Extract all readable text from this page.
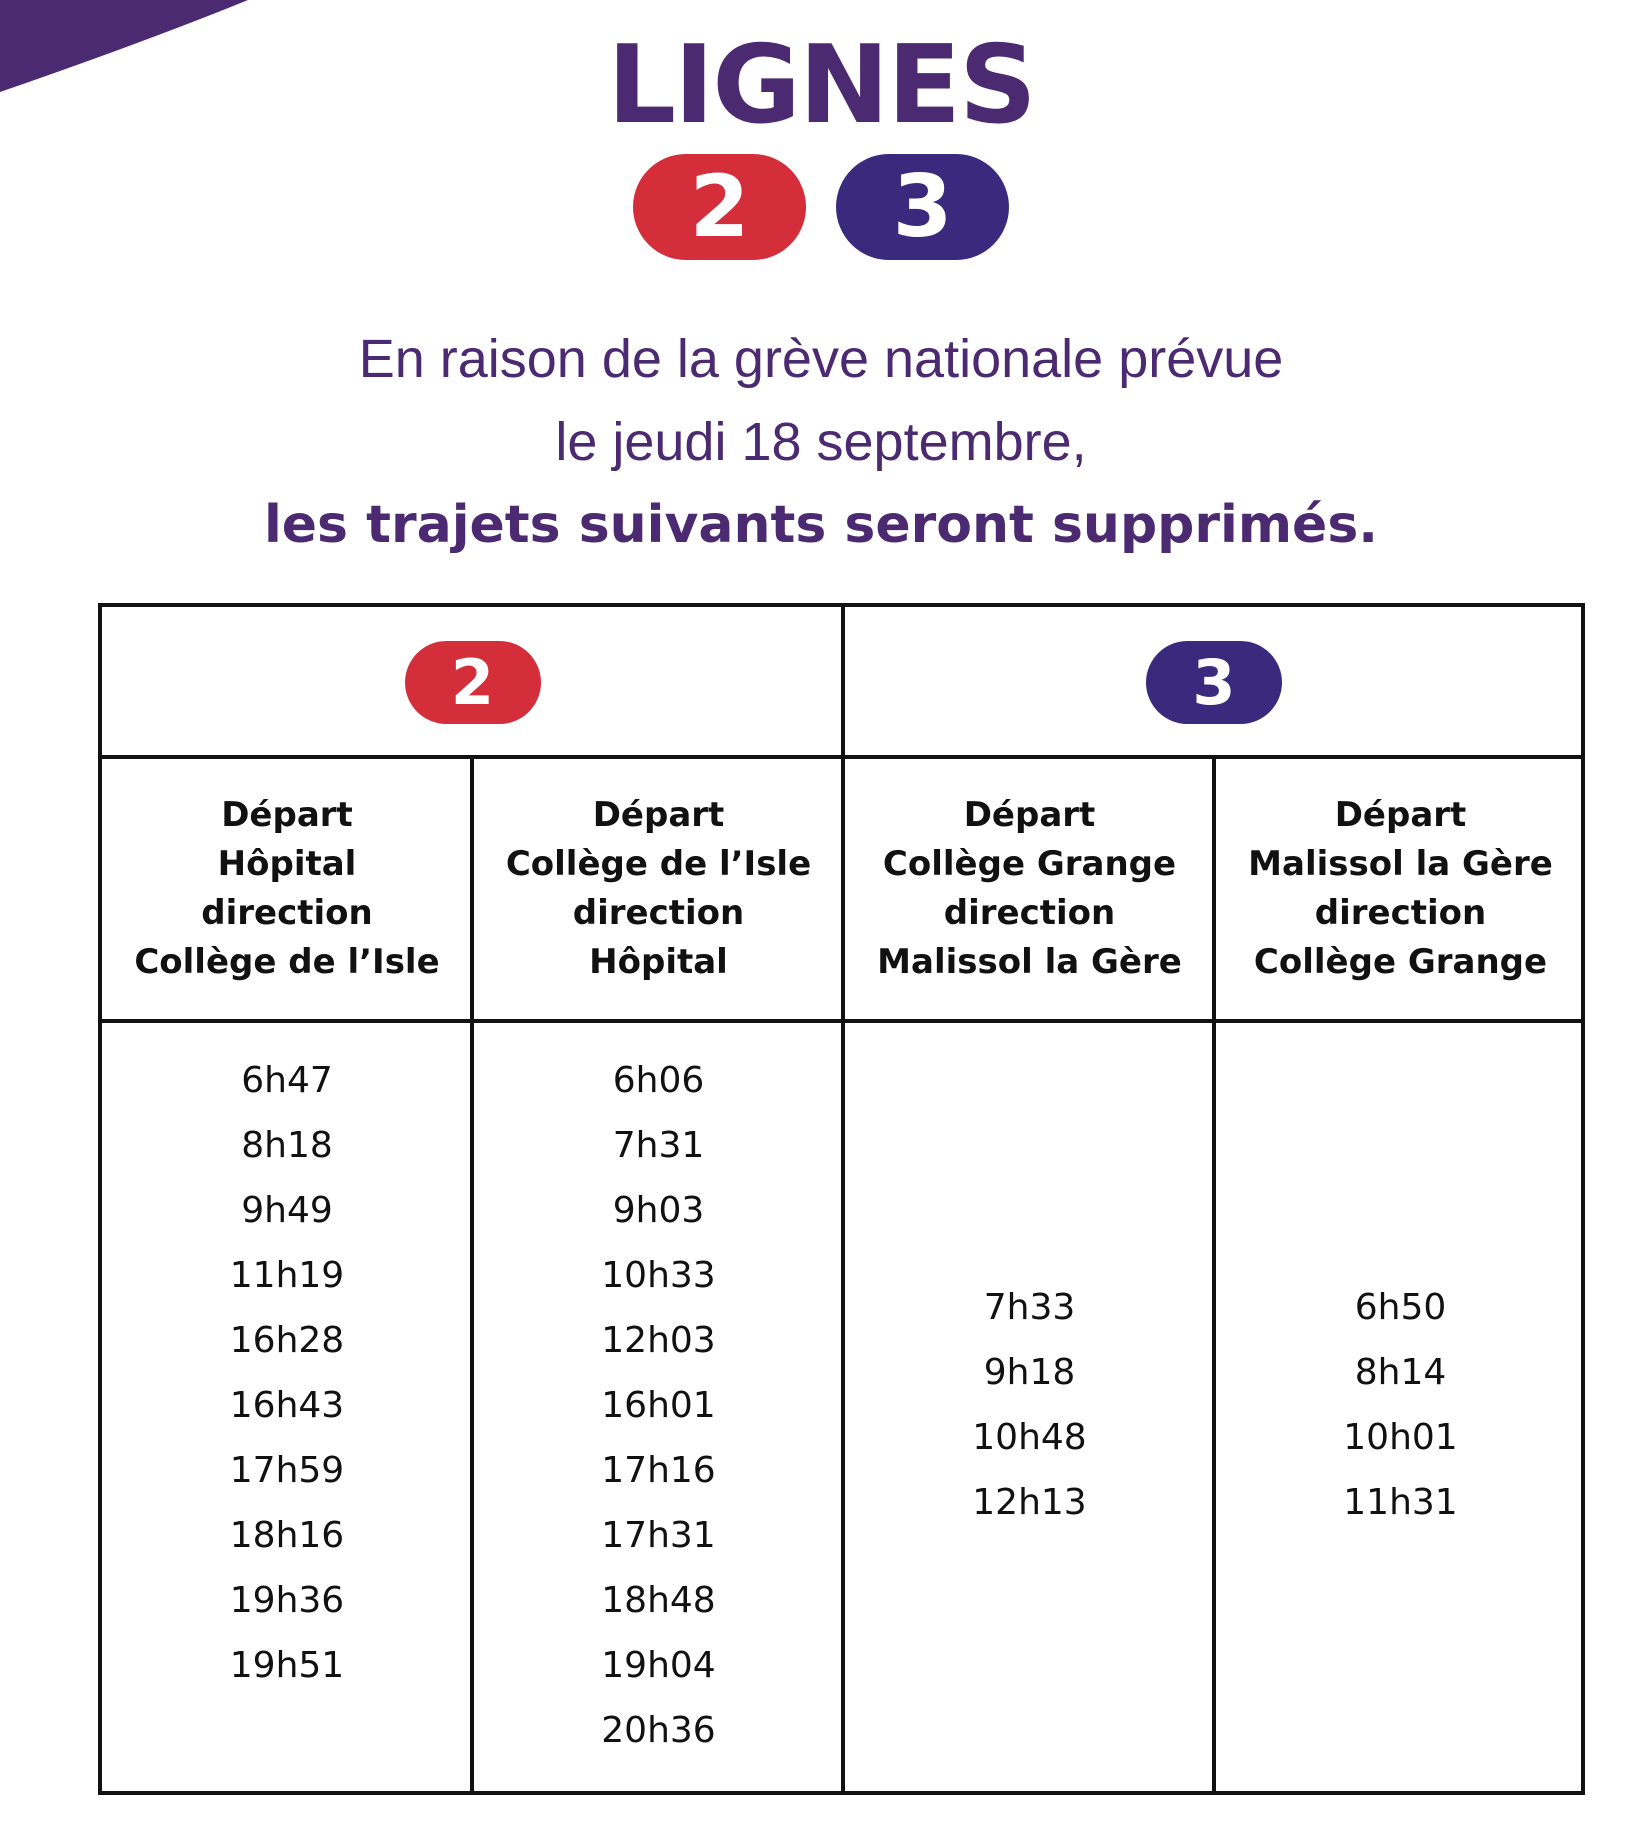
LIGNES
2	3
En raison de la grève nationale prévue
le jeudi 18 septembre,
les trajets suivants seront supprimés.
2	3
Départ
Hôpital
direction
Collège de l’Isle
Départ
Collège de l’Isle
direction
Hôpital
Départ
Collège Grange
direction
Malissol la Gère
Départ
Malissol la Gère
direction
Collège Grange
6h47
8h18
9h49
11h19
16h28
16h43
17h59
18h16
19h36
19h51
6h06
7h31
9h03
10h33
12h03
16h01
17h16
17h31
18h48
19h04
20h36
7h33
9h18
10h48
12h13
6h50
8h14
10h01
11h31
